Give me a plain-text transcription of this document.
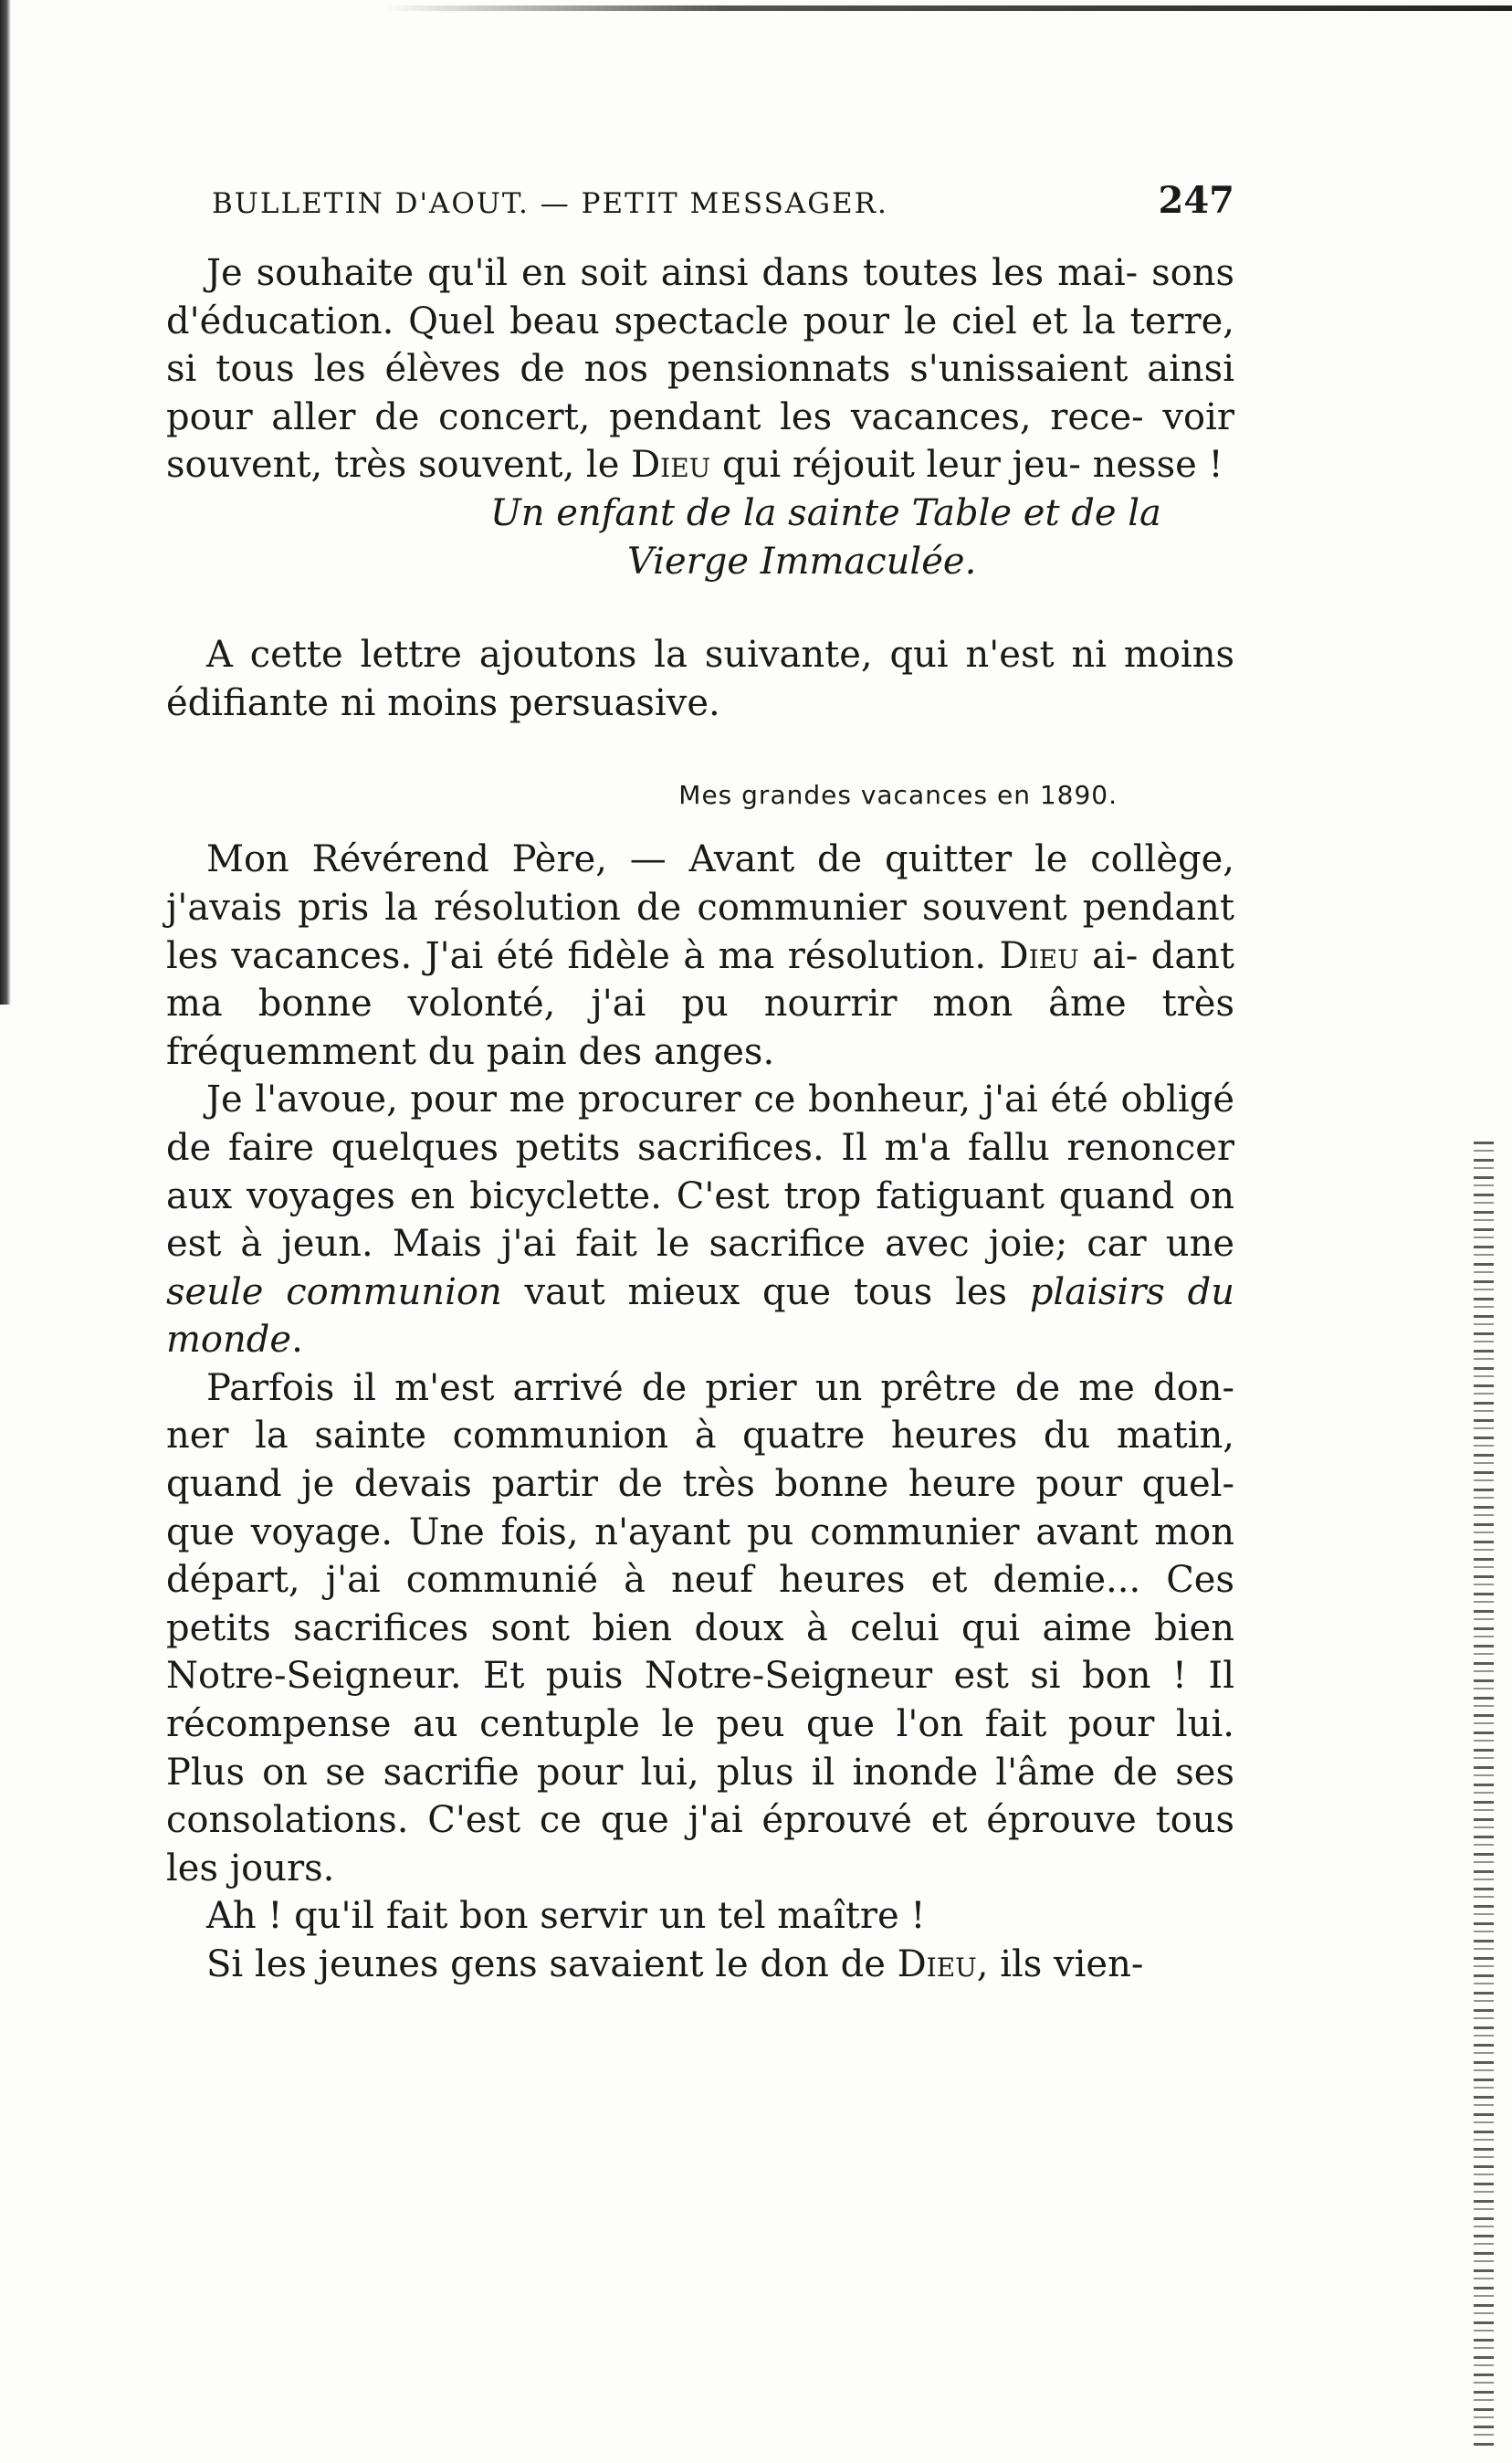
BULLETIN D'AOUT. — PETIT MESSAGER.	247
Je souhaite qu'il en soit ainsi dans toutes les mai- sons d'éducation. Quel beau spectacle pour le ciel et la terre, si tous les élèves de nos pensionnats s'unissaient ainsi pour aller de concert, pendant les vacances, rece- voir souvent, très souvent, le Dieu qui réjouit leur jeu- nesse !
Un enfant de la sainte Table et de la
Vierge Immaculée.
A cette lettre ajoutons la suivante, qui n'est ni moins édifiante ni moins persuasive.
Mes grandes vacances en 1890.
Mon Révérend Père, — Avant de quitter le collège, j'avais pris la résolution de communier souvent pendant les vacances. J'ai été fidèle à ma résolution. Dieu ai- dant ma bonne volonté, j'ai pu nourrir mon âme très fréquemment du pain des anges.
Je l'avoue, pour me procurer ce bonheur, j'ai été obligé de faire quelques petits sacrifices. Il m'a fallu renoncer aux voyages en bicyclette. C'est trop fatiguant quand on est à jeun. Mais j'ai fait le sacrifice avec joie; car une seule communion vaut mieux que tous les plaisirs du monde.
Parfois il m'est arrivé de prier un prêtre de me don- ner la sainte communion à quatre heures du matin, quand je devais partir de très bonne heure pour quel- que voyage. Une fois, n'ayant pu communier avant mon départ, j'ai communié à neuf heures et demie... Ces petits sacrifices sont bien doux à celui qui aime bien Notre-Seigneur. Et puis Notre-Seigneur est si bon ! Il récompense au centuple le peu que l'on fait pour lui. Plus on se sacrifie pour lui, plus il inonde l'âme de ses consolations. C'est ce que j'ai éprouvé et éprouve tous les jours.
Ah ! qu'il fait bon servir un tel maître !
Si les jeunes gens savaient le don de Dieu, ils vien-
